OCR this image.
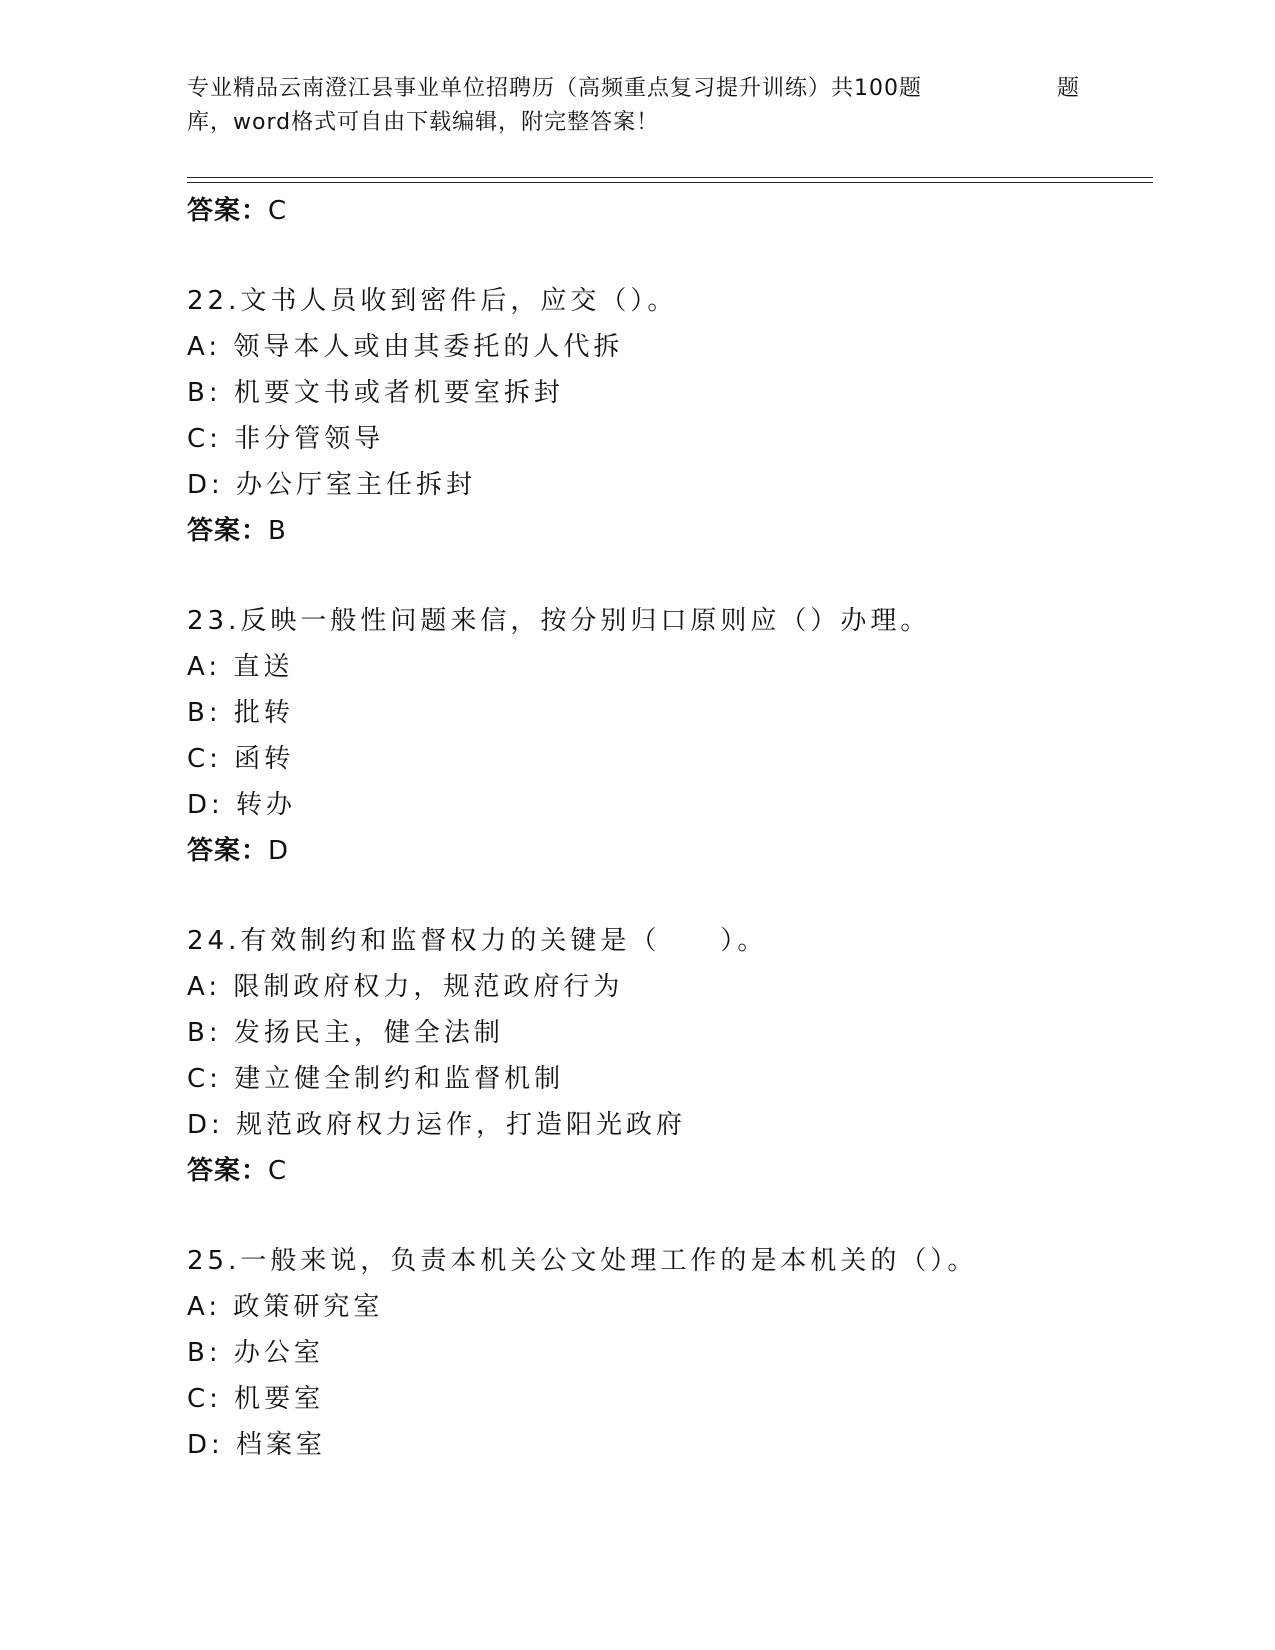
专业精品云南澄江县事业单位招聘历（高频重点复习提升训练）共100题	题
库，word格式可自由下载编辑，附完整答案！
答案：C
22.文书人员收到密件后，应交（）。
A: 领导本人或由其委托的人代拆
B: 机要文书或者机要室拆封
C: 非分管领导
D: 办公厅室主任拆封
答案：B
23.反映一般性问题来信，按分别归口原则应（）办理。
A: 直送
B: 批转
C: 函转
D: 转办
答案：D
24.有效制约和监督权力的关键是（　　）。
A: 限制政府权力，规范政府行为
B: 发扬民主，健全法制
C: 建立健全制约和监督机制
D: 规范政府权力运作，打造阳光政府
答案：C
25.一般来说，负责本机关公文处理工作的是本机关的（）。
A: 政策研究室
B: 办公室
C: 机要室
D: 档案室
